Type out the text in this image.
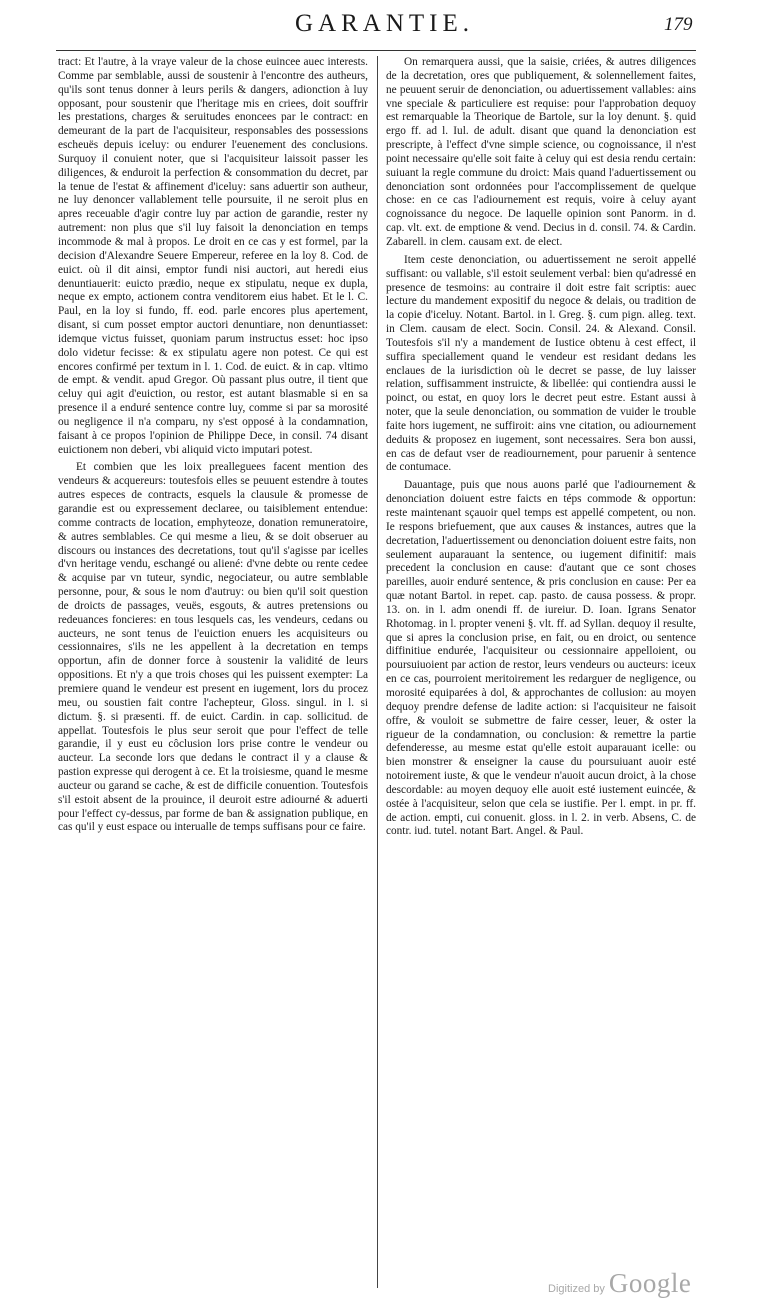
GARANTIE.	179

tract: Et l'autre, à la vraye valeur de la chose euincee auec interests. Comme par semblable, aussi de soustenir à l'encontre des autheurs, qu'ils sont tenus donner à leurs perils & dangers, adionction à luy opposant, pour soustenir que l'heritage mis en criees, doit souffrir les prestations, charges & seruitudes enoncees par le contract: en demeurant de la part de l'acquisiteur, responsables des possessions escheuës depuis iceluy: ou endurer l'euenement des conclusions. Surquoy il conuient noter, que si l'acquisiteur laissoit passer les diligences, & enduroit la perfection & consommation du decret, par la tenue de l'estat & affinement d'iceluy: sans aduertir son autheur, ne luy denoncer vallablement telle poursuite, il ne seroit plus en apres receuable d'agir contre luy par action de garandie, rester ny autrement: non plus que s'il luy faisoit la denonciation en temps incommode & mal à propos. Le droit en ce cas y est formel, par la decision d'Alexandre Seuere Empereur, referee en la loy 8. Cod. de euict. où il dit ainsi, emptor fundi nisi auctori, aut heredi eius denuntiauerit: euicto prædio, neque ex stipulatu, neque ex dupla, neque ex empto, actionem contra venditorem eius habet. Et le l. C. Paul, en la loy si fundo, ff. eod. parle encores plus apertement, disant, si cum posset emptor auctori denuntiare, non denuntiasset: idemque victus fuisset, quoniam parum instructus esset: hoc ipso dolo videtur fecisse: & ex stipulatu agere non potest. Ce qui est encores confirmé per textum in l. 1. Cod. de euict. & in cap. vltimo de empt. & vendit. apud Gregor. Où passant plus outre, il tient que celuy qui agit d'euiction, ou restor, est autant blasmable si en sa presence il a enduré sentence contre luy, comme si par sa morosité ou negligence il n'a comparu, ny s'est opposé à la condamnation, faisant à ce propos l'opinion de Philippe Dece, in consil. 74 disant euictionem non deberi, vbi aliquid victo imputari potest.

Et combien que les loix prealleguees facent mention des vendeurs & acquereurs: toutesfois elles se peuuent estendre à toutes autres especes de contracts, esquels la clausule & promesse de garandie est ou expressement declaree, ou taisiblement entendue: comme contracts de location, emphyteoze, donation remuneratoire, & autres semblables. Ce qui mesme a lieu, & se doit obseruer au discours ou instances des decretations, tout qu'il s'agisse par icelles d'vn heritage vendu, eschangé ou aliené: d'vne debte ou rente cedee & acquise par vn tuteur, syndic, negociateur, ou autre semblable personne, pour, & sous le nom d'autruy: ou bien qu'il soit question de droicts de passages, veuës, esgouts, & autres pretensions ou redeuances foncieres: en tous lesquels cas, les vendeurs, cedans ou aucteurs, ne sont tenus de l'euiction enuers les acquisiteurs ou cessionnaires, s'ils ne les appellent à la decretation en temps opportun, afin de donner force à soustenir la validité de leurs oppositions. Et n'y a que trois choses qui les puissent exempter: La premiere quand le vendeur est present en iugement, lors du procez meu, ou soustien fait contre l'achepteur, Gloss. singul. in l. si dictum. §. si præsenti. ff. de euict. Cardin. in cap. sollicitud. de appellat. Toutesfois le plus seur seroit que pour l'effect de telle garandie, il y eust eu côclusion lors prise contre le vendeur ou aucteur. La seconde lors que dedans le contract il y a clause & pastion expresse qui derogent à ce. Et la troisiesme, quand le mesme aucteur ou garand se cache, & est de difficile conuention. Toutesfois s'il estoit absent de la prouince, il deuroit estre adiourné & aduerti pour l'effect cy-dessus, par forme de ban & assignation publique, en cas qu'il y eust espace ou interualle de temps suffisans pour ce faire.

On remarquera aussi, que la saisie, criées, & autres diligences de la decretation, ores que publiquement, & solennellement faites, ne peuuent seruir de denonciation, ou aduertissement vallables: ains vne speciale & particuliere est requise: pour l'approbation dequoy est remarquable la Theorique de Bartole, sur la loy denunt. §. quid ergo ff. ad l. Iul. de adult. disant que quand la denonciation est prescripte, à l'effect d'vne simple science, ou cognoissance, il n'est point necessaire qu'elle soit faite à celuy qui est desia rendu certain: suiuant la regle commune du droict: Mais quand l'aduertissement ou denonciation sont ordonnées pour l'accomplissement de quelque chose: en ce cas l'adiournement est requis, voire à celuy ayant cognoissance du negoce. De laquelle opinion sont Panorm. in d. cap. vlt. ext. de emptione & vend. Decius in d. consil. 74. & Cardin. Zabarell. in clem. causam ext. de elect.

Item ceste denonciation, ou aduertissement ne seroit appellé suffisant: ou vallable, s'il estoit seulement verbal: bien qu'adressé en presence de tesmoins: au contraire il doit estre fait scriptis: auec lecture du mandement expositif du negoce & delais, ou tradition de la copie d'iceluy. Notant. Bartol. in l. Greg. §. cum pign. alleg. text. in Clem. causam de elect. Socin. Consil. 24. & Alexand. Consil. Toutesfois s'il n'y a mandement de Iustice obtenu à cest effect, il suffira speciallement quand le vendeur est residant dedans les enclaues de la iurisdiction où le decret se passe, de luy laisser relation, suffisamment instruicte, & libellée: qui contiendra aussi le poinct, ou estat, en quoy lors le decret peut estre. Estant aussi à noter, que la seule denonciation, ou sommation de vuider le trouble faite hors iugement, ne suffiroit: ains vne citation, ou adiournement deduits & proposez en iugement, sont necessaires. Sera bon aussi, en cas de defaut vser de readiournement, pour paruenir à sentence de contumace.

Dauantage, puis que nous auons parlé que l'adiournement & denonciation doiuent estre faicts en téps commode & opportun: reste maintenant sçauoir quel temps est appellé competent, ou non. Ie respons briefuement, que aux causes & instances, autres que la decretation, l'aduertissement ou denonciation doiuent estre faits, non seulement auparauant la sentence, ou iugement difinitif: mais precedent la conclusion en cause: d'autant que ce sont choses pareilles, auoir enduré sentence, & pris conclusion en cause: Per ea quæ notant Bartol. in repet. cap. pasto. de causa possess. & propr. 13. on. in l. adm onendi ff. de iureiur. D. Ioan. Igrans Senator Rhotomag. in l. propter veneni §. vlt. ff. ad Syllan. dequoy il resulte, que si apres la conclusion prise, en fait, ou en droict, ou sentence diffinitiue endurée, l'acquisiteur ou cessionnaire appelloient, ou poursuiuoient par action de restor, leurs vendeurs ou aucteurs: iceux en ce cas, pourroient meritoirement les redarguer de negligence, ou morosité equiparées à dol, & approchantes de collusion: au moyen dequoy prendre defense de ladite action: si l'acquisiteur ne faisoit offre, & vouloit se submettre de faire cesser, leuer, & oster la rigueur de la condamnation, ou conclusion: & remettre la partie defenderesse, au mesme estat qu'elle estoit auparauant icelle: ou bien monstrer & enseigner la cause du poursuiuant auoir esté notoirement iuste, & que le vendeur n'auoit aucun droict, à la chose descordable: au moyen dequoy elle auoit esté iustement euincée, & ostée à l'acquisiteur, selon que cela se iustifie. Per l. empt. in pr. ff. de action. empti, cui conuenit. gloss. in l. 2. in verb. Absens, C. de contr. iud. tutel. notant Bart. Angel. & Paul.

Digitized by Google
